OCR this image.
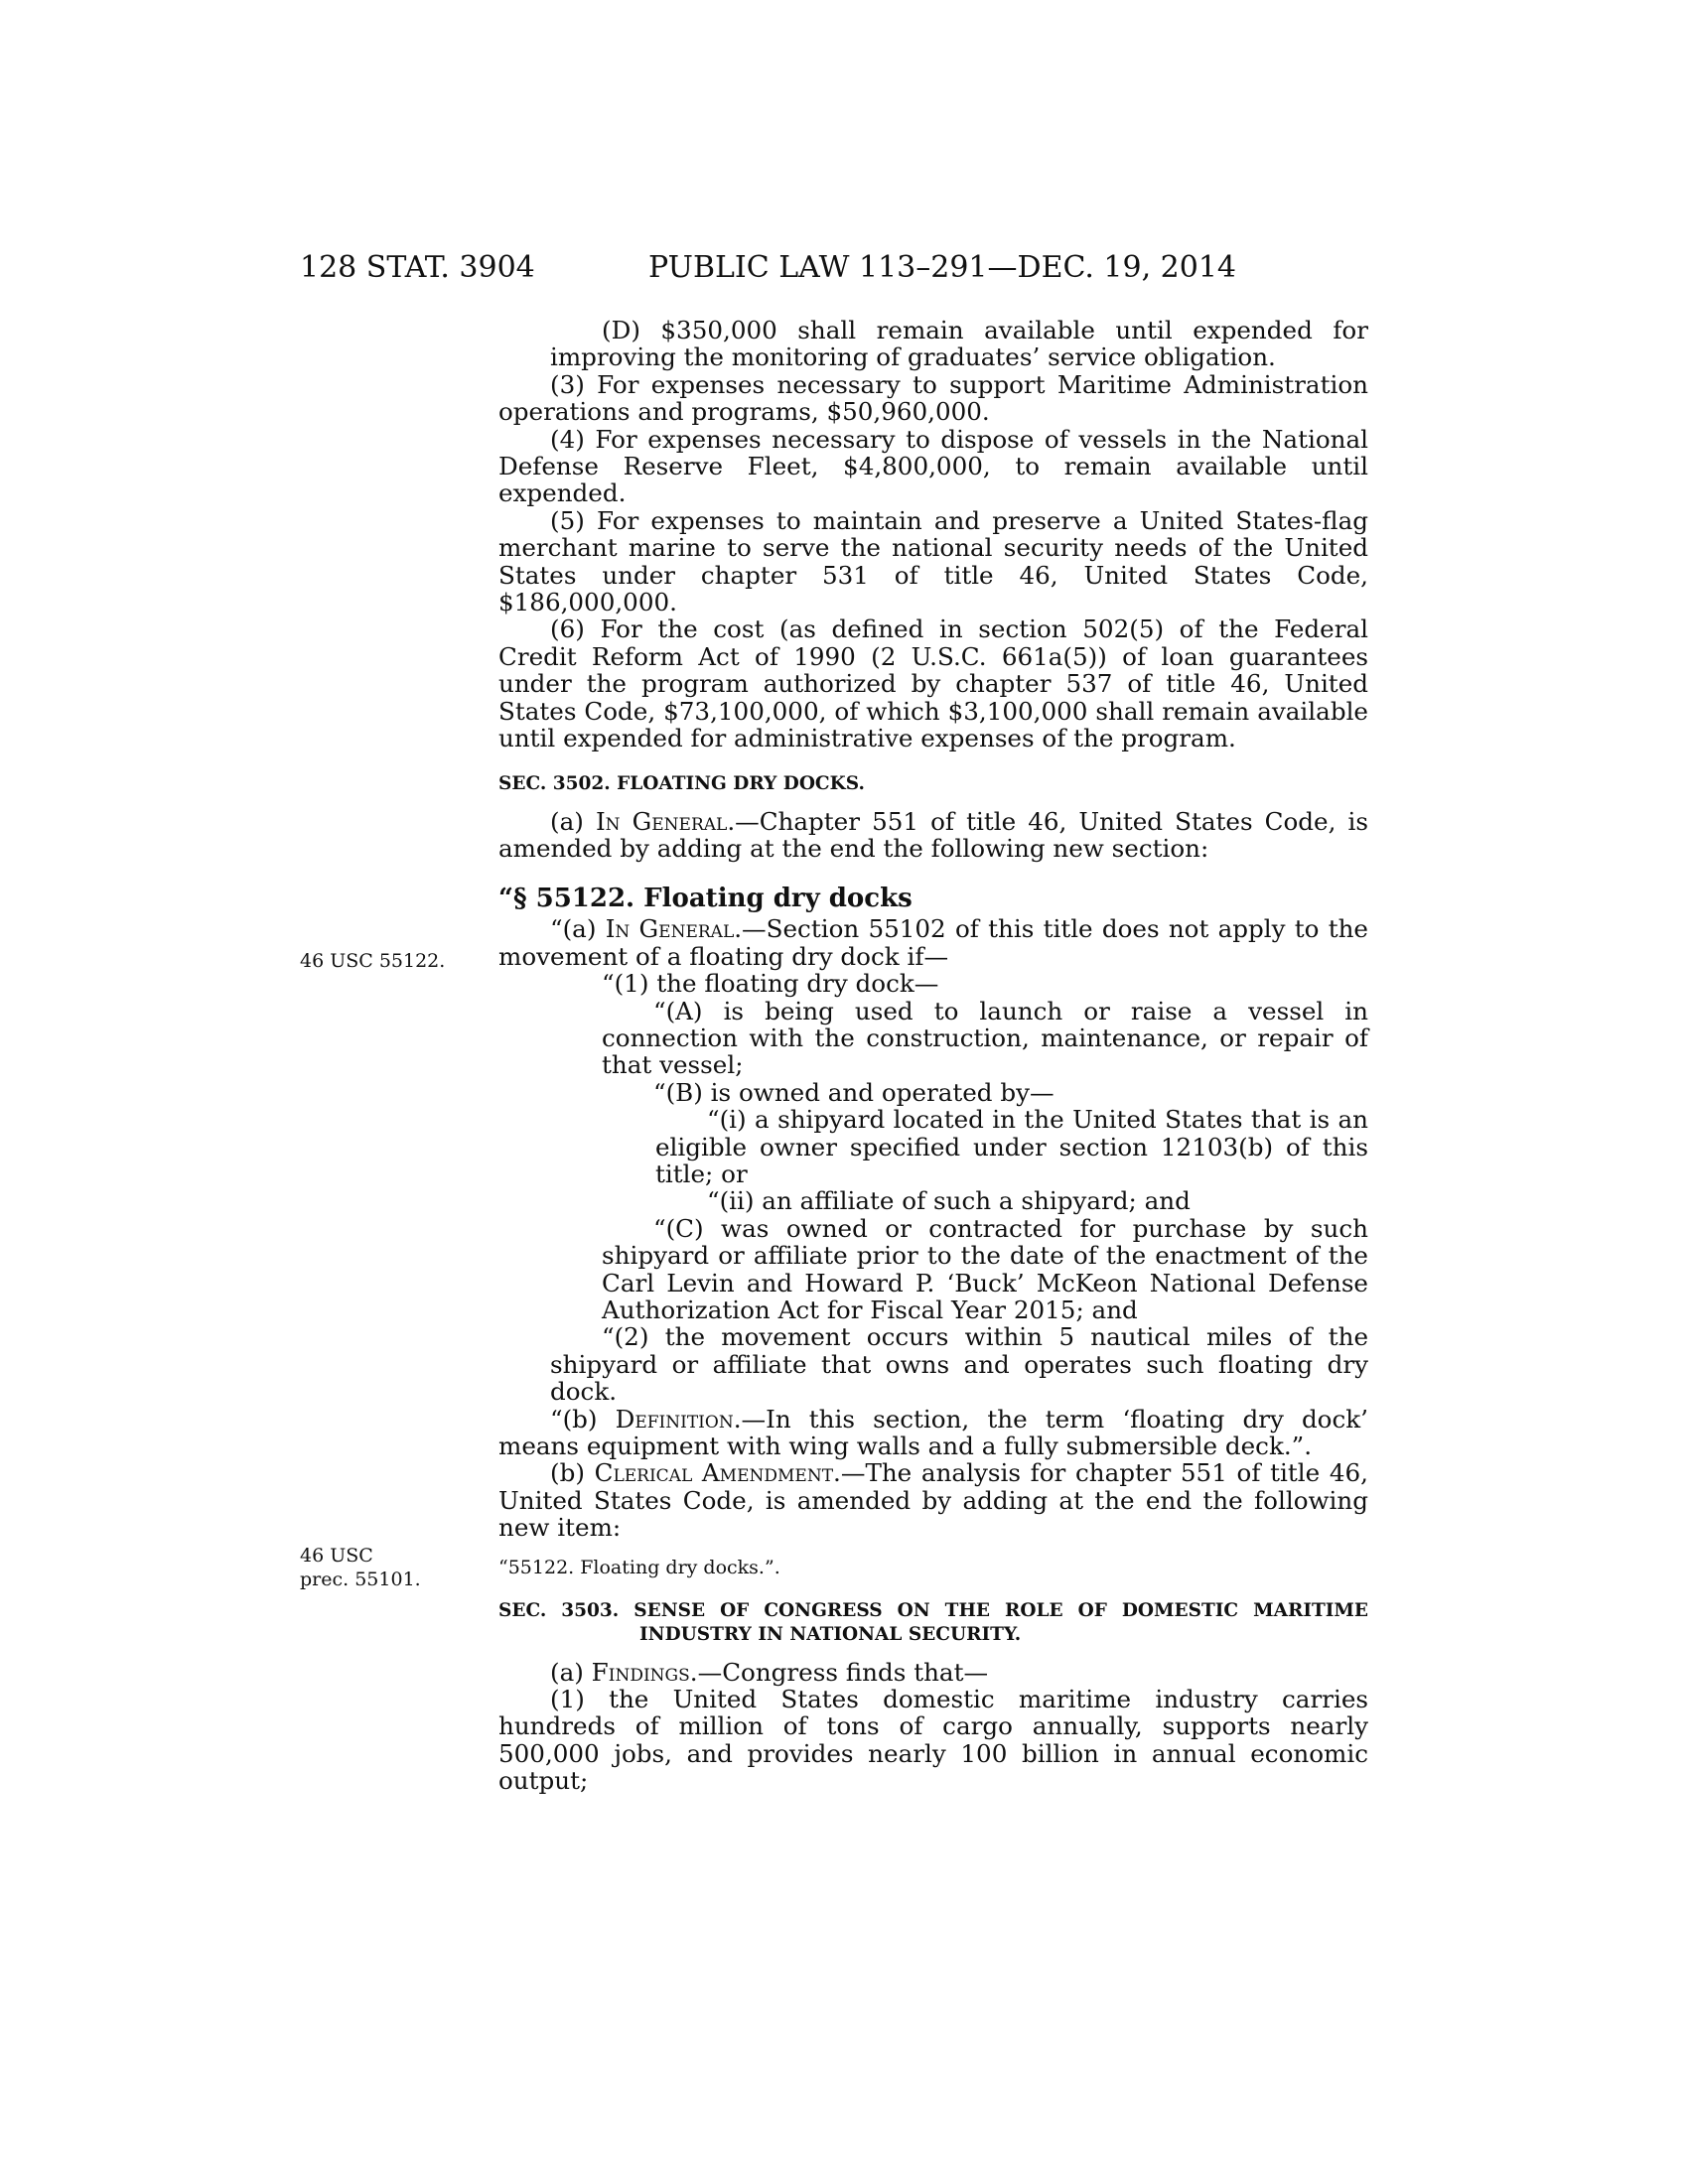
128 STAT. 3904	PUBLIC LAW 113–291—DEC. 19, 2014
46 USC 55122.
46 USC
prec. 55101.

(D) $350,000 shall remain available until expended for improving the monitoring of graduates’ service obligation.

(3) For expenses necessary to support Maritime Administration operations and programs, $50,960,000.

(4) For expenses necessary to dispose of vessels in the National Defense Reserve Fleet, $4,800,000, to remain available until expended.

(5) For expenses to maintain and preserve a United States-flag merchant marine to serve the national security needs of the United States under chapter 531 of title 46, United States Code, $186,000,000.

(6) For the cost (as defined in section 502(5) of the Federal Credit Reform Act of 1990 (2 U.S.C. 661a(5)) of loan guarantees under the program authorized by chapter 537 of title 46, United States Code, $73,100,000, of which $3,100,000 shall remain available until expended for administrative expenses of the program.

SEC. 3502. FLOATING DRY DOCKS.

(a) In General.—Chapter 551 of title 46, United States Code, is amended by adding at the end the following new section:

“§ 55122. Floating dry docks

“(a) In General.—Section 55102 of this title does not apply to the movement of a floating dry dock if—

“(1) the floating dry dock—

“(A) is being used to launch or raise a vessel in connection with the construction, maintenance, or repair of that vessel;

“(B) is owned and operated by—

“(i) a shipyard located in the United States that is an eligible owner specified under section 12103(b) of this title; or

“(ii) an affiliate of such a shipyard; and

“(C) was owned or contracted for purchase by such shipyard or affiliate prior to the date of the enactment of the Carl Levin and Howard P. ‘Buck’ McKeon National Defense Authorization Act for Fiscal Year 2015; and

“(2) the movement occurs within 5 nautical miles of the shipyard or affiliate that owns and operates such floating dry dock.

“(b) Definition.—In this section, the term ‘floating dry dock’ means equipment with wing walls and a fully submersible deck.”.

(b) Clerical Amendment.—The analysis for chapter 551 of title 46, United States Code, is amended by adding at the end the following new item:

“55122. Floating dry docks.”.

SEC. 3503. SENSE OF CONGRESS ON THE ROLE OF DOMESTIC MARITIME INDUSTRY IN NATIONAL SECURITY.

(a) Findings.—Congress finds that—

(1) the United States domestic maritime industry carries hundreds of million of tons of cargo annually, supports nearly 500,000 jobs, and provides nearly 100 billion in annual economic output;
